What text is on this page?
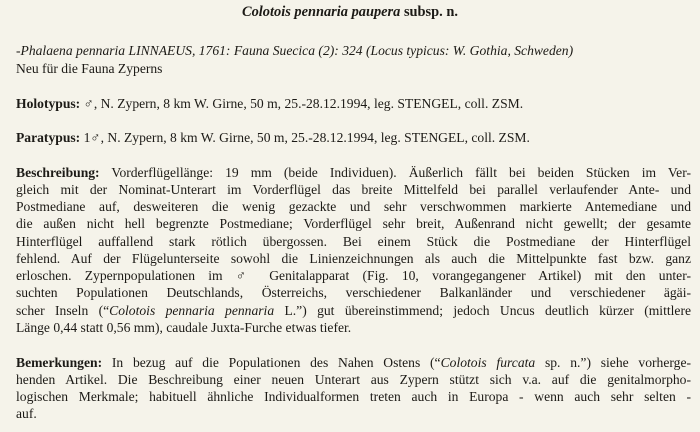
Colotois pennaria paupera subsp. n.
-Phalaena pennaria LINNAEUS, 1761: Fauna Suecica (2): 324 (Locus typicus: W. Gothia, Schweden)
Neu für die Fauna Zyperns
Holotypus: ♂, N. Zypern, 8 km W. Girne, 50 m, 25.-28.12.1994, leg. STENGEL, coll. ZSM.
Paratypus: 1♂, N. Zypern, 8 km W. Girne, 50 m, 25.-28.12.1994, leg. STENGEL, coll. ZSM.
Beschreibung: Vorderflügellänge: 19 mm (beide Individuen). Äußerlich fällt bei beiden Stücken im Ver-
gleich mit der Nominat-Unterart im Vorderflügel das breite Mittelfeld bei parallel verlaufender Ante- und
Postmediane auf, desweiteren die wenig gezackte und sehr verschwommen markierte Antemediane und
die außen nicht hell begrenzte Postmediane; Vorderflügel sehr breit, Außenrand nicht gewellt; der gesamte
Hinterflügel auffallend stark rötlich übergossen. Bei einem Stück die Postmediane der Hinterflügel
fehlend. Auf der Flügelunterseite sowohl die Linienzeichnungen als auch die Mittelpunkte fast bzw. ganz
erloschen. Zypernpopulationen im ♂ Genitalapparat (Fig. 10, vorangegangener Artikel) mit den unter-
suchten Populationen Deutschlands, Österreichs, verschiedener Balkanländer und verschiedener ägäi-
scher Inseln (“Colotois pennaria pennaria L.”) gut übereinstimmend; jedoch Uncus deutlich kürzer (mittlere
Länge 0,44 statt 0,56 mm), caudale Juxta-Furche etwas tiefer.
Bemerkungen: In bezug auf die Populationen des Nahen Ostens (“Colotois furcata sp. n.”) siehe vorherge-
henden Artikel. Die Beschreibung einer neuen Unterart aus Zypern stützt sich v.a. auf die genitalmorpho-
logischen Merkmale; habituell ähnliche Individualformen treten auch in Europa - wenn auch sehr selten -
auf.
